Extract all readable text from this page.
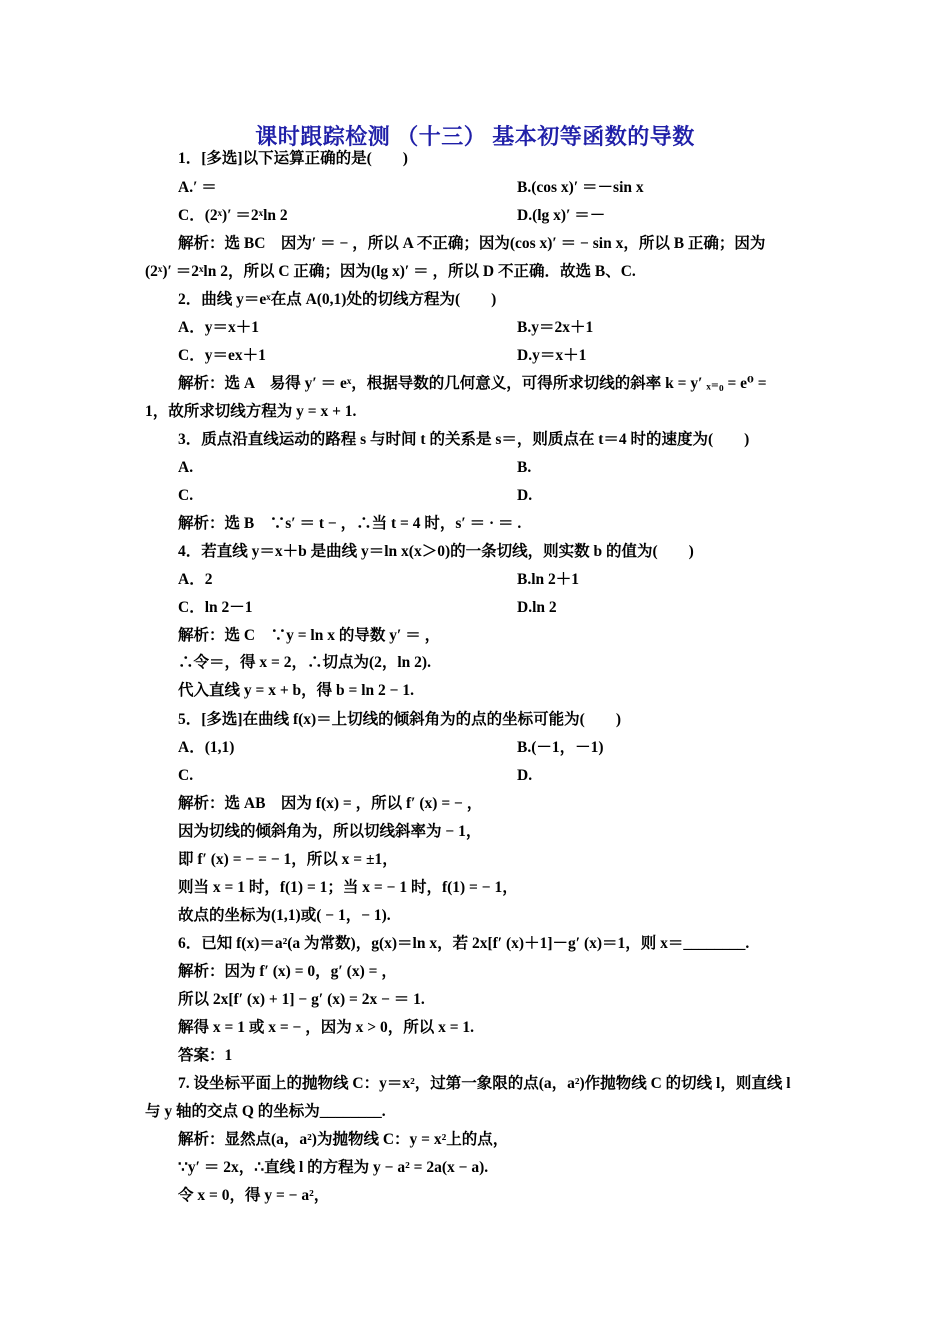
课时跟踪检测 （十三） 基本初等函数的导数
1．[多选]以下运算正确的是(　　)
A.′ ＝	B.(cos x)′ ＝－sin x
C．(2ˣ)′ ＝2ˣln 2	D.(lg x)′ ＝－
解析：选 BC　因为′ ＝ − ，所以 A 不正确；因为(cos x)′ ＝ − sin x，所以 B 正确；因为
(2ˣ)′ ＝2ˣln 2，所以 C 正确；因为(lg x)′ ＝ ，所以 D 不正确．故选 B、C.
2．曲线 y＝eˣ在点 A(0,1)处的切线方程为(　　)
A．y＝x＋1	B.y＝2x＋1
C．y＝ex＋1	D.y＝x＋1
解析：选 A　易得 y′ ＝ eˣ，根据导数的几何意义，可得所求切线的斜率 k = y′ ₓ₌₀ = e⁰ =
1，故所求切线方程为 y = x + 1.
3．质点沿直线运动的路程 s 与时间 t 的关系是 s＝，则质点在 t＝4 时的速度为(　　)
A.	B.
C.	D.
解析：选 B　∵s′ ＝ t − ，∴当 t = 4 时，s′ ＝ · ＝ .
4．若直线 y＝x＋b 是曲线 y＝ln x(x＞0)的一条切线，则实数 b 的值为(　　)
A．2	B.ln 2＋1
C．ln 2－1	D.ln 2
解析：选 C　∵y = ln x 的导数 y′ ＝ ，
∴令＝，得 x = 2，∴切点为(2，ln 2).
代入直线 y = x + b，得 b = ln 2 − 1.
5．[多选]在曲线 f(x)＝上切线的倾斜角为的点的坐标可能为(　　)
A．(1,1)	B.(－1，－1)
C.	D.
解析：选 AB　因为 f(x) = ，所以 f′ (x) = − ，
因为切线的倾斜角为，所以切线斜率为 − 1，
即 f′ (x) = − = − 1，所以 x = ±1，
则当 x = 1 时，f(1) = 1；当 x = − 1 时，f(1) = − 1，
故点的坐标为(1,1)或( − 1，− 1).
6．已知 f(x)＝a²(a 为常数)，g(x)＝ln x，若 2x[f′ (x)＋1]－g′ (x)＝1，则 x＝________.
解析：因为 f′ (x) = 0，g′ (x) = ，
所以 2x[f′ (x) + 1] − g′ (x) = 2x − ＝ 1.
解得 x = 1 或 x = − ，因为 x > 0，所以 x = 1.
答案：1
7. 设坐标平面上的抛物线 C：y＝x²，过第一象限的点(a，a²)作抛物线 C 的切线 l，则直线 l
与 y 轴的交点 Q 的坐标为________.
解析：显然点(a，a²)为抛物线 C：y = x²上的点，
∵y′ ＝ 2x，∴直线 l 的方程为 y − a² = 2a(x − a).
令 x = 0，得 y = − a²，
